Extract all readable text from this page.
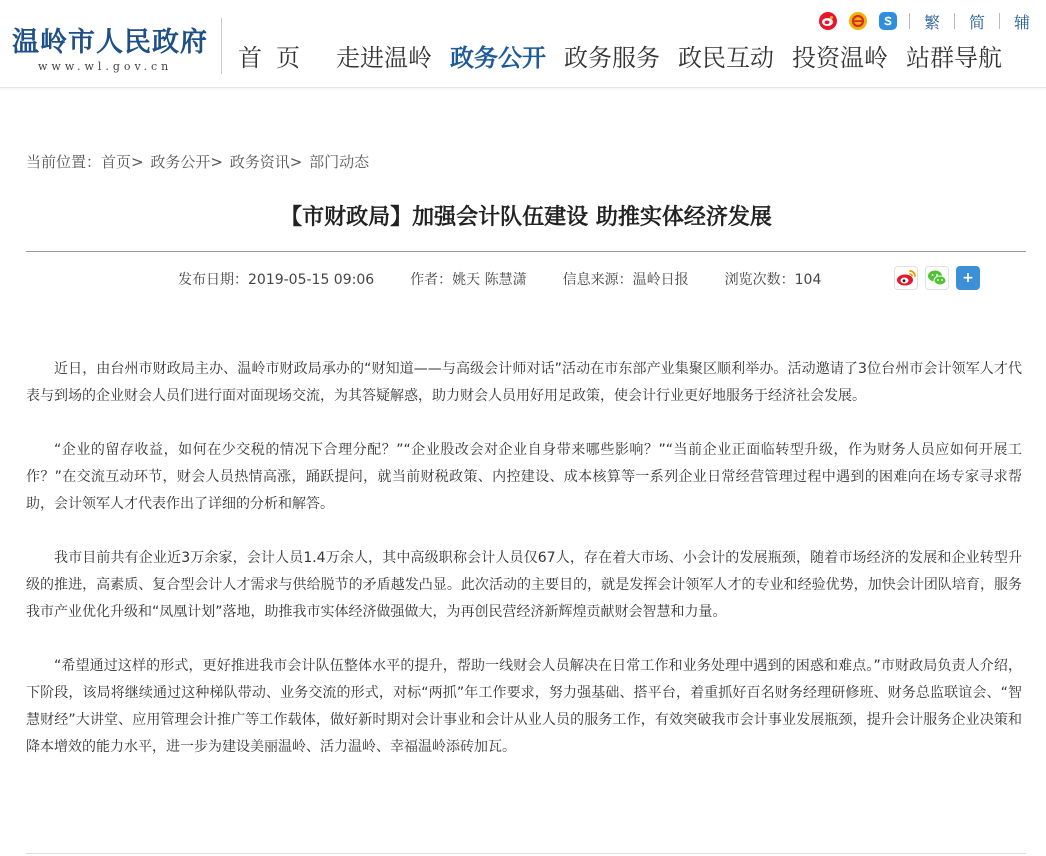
温岭市人民政府
www.wl.gov.cn	首页 走进温岭 政务公开 政务服务 政民互动 投资温岭 站群导航
繁 简 辅
当前位置：首页> 政务公开> 政务资讯> 部门动态
【市财政局】加强会计队伍建设 助推实体经济发展
发布日期：2019-05-15 09:06	作者：姚天 陈慧潇	信息来源：温岭日报	浏览次数：104	+

近日，由台州市财政局主办、温岭市财政局承办的“财知道——与高级会计师对话”活动在市东部产业集聚区顺利举办。活动邀请了3位台州市会计领军人才代表与到场的企业财会人员们进行面对面现场交流，为其答疑解惑，助力财会人员用好用足政策，使会计行业更好地服务于经济社会发展。

“企业的留存收益，如何在少交税的情况下合理分配？”“企业股改会对企业自身带来哪些影响？”“当前企业正面临转型升级，作为财务人员应如何开展工作？”在交流互动环节，财会人员热情高涨，踊跃提问，就当前财税政策、内控建设、成本核算等一系列企业日常经营管理过程中遇到的困难向在场专家寻求帮助，会计领军人才代表作出了详细的分析和解答。

我市目前共有企业近3万余家，会计人员1.4万余人，其中高级职称会计人员仅67人，存在着大市场、小会计的发展瓶颈，随着市场经济的发展和企业转型升级的推进，高素质、复合型会计人才需求与供给脱节的矛盾越发凸显。此次活动的主要目的，就是发挥会计领军人才的专业和经验优势，加快会计团队培育，服务我市产业优化升级和“凤凰计划”落地，助推我市实体经济做强做大，为再创民营经济新辉煌贡献财会智慧和力量。

“希望通过这样的形式，更好推进我市会计队伍整体水平的提升，帮助一线财会人员解决在日常工作和业务处理中遇到的困惑和难点。”市财政局负责人介绍，下阶段，该局将继续通过这种梯队带动、业务交流的形式，对标“两抓”年工作要求，努力强基础、搭平台，着重抓好百名财务经理研修班、财务总监联谊会、“智慧财经”大讲堂、应用管理会计推广等工作载体，做好新时期对会计事业和会计从业人员的服务工作，有效突破我市会计事业发展瓶颈，提升会计服务企业决策和降本增效的能力水平，进一步为建设美丽温岭、活力温岭、幸福温岭添砖加瓦。
